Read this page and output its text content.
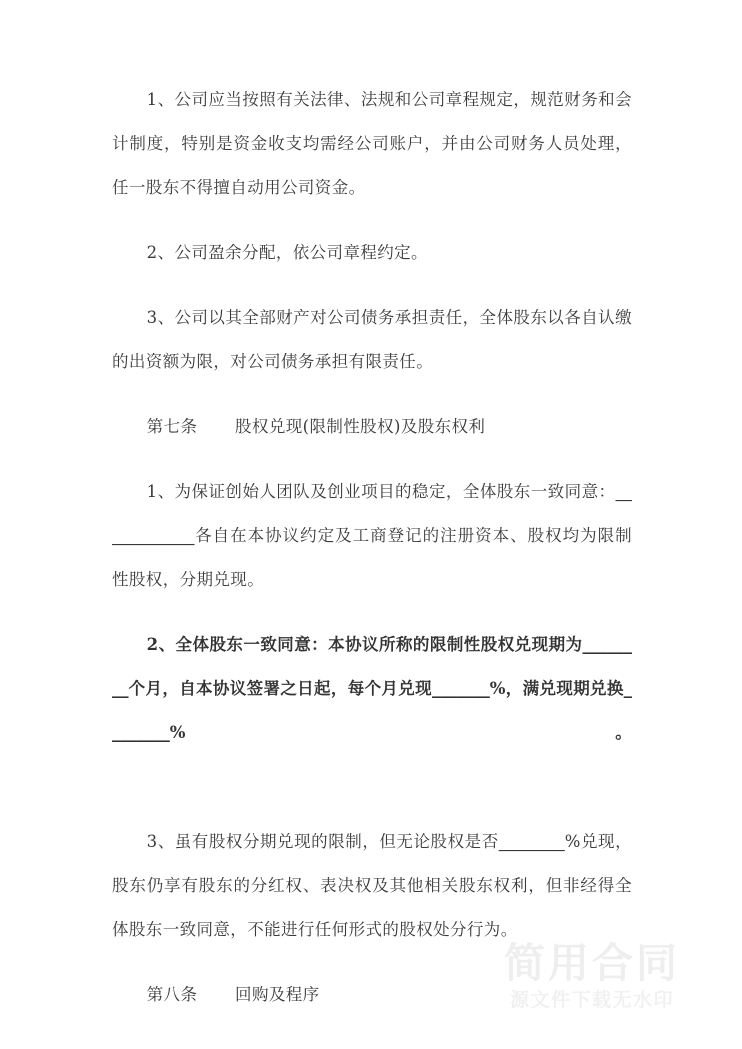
1、公司应当按照有关法律、法规和公司章程规定，规范财务和会计制度，特别是资金收支均需经公司账户，并由公司财务人员处理，任一股东不得擅自动用公司资金。

2、公司盈余分配，依公司章程约定。

3、公司以其全部财产对公司债务承担责任，全体股东以各自认缴的出资额为限，对公司债务承担有限责任。

第七条 股权兑现(限制性股权)及股东权利

1、为保证创始人团队及创业项目的稳定，全体股东一致同意：____________各自在本协议约定及工商登记的注册资本、股权均为限制性股权，分期兑现。

2、全体股东一致同意：本协议所称的限制性股权兑现期为________个月，自本协议签署之日起，每个月兑现_______%，满兑现期兑换________%。

3、虽有股权分期兑现的限制，但无论股权是否________%兑现，股东仍享有股东的分红权、表决权及其他相关股东权利，但非经得全体股东一致同意，不能进行任何形式的股权处分行为。

第八条 回购及程序

简用合同
源文件下载无水印
